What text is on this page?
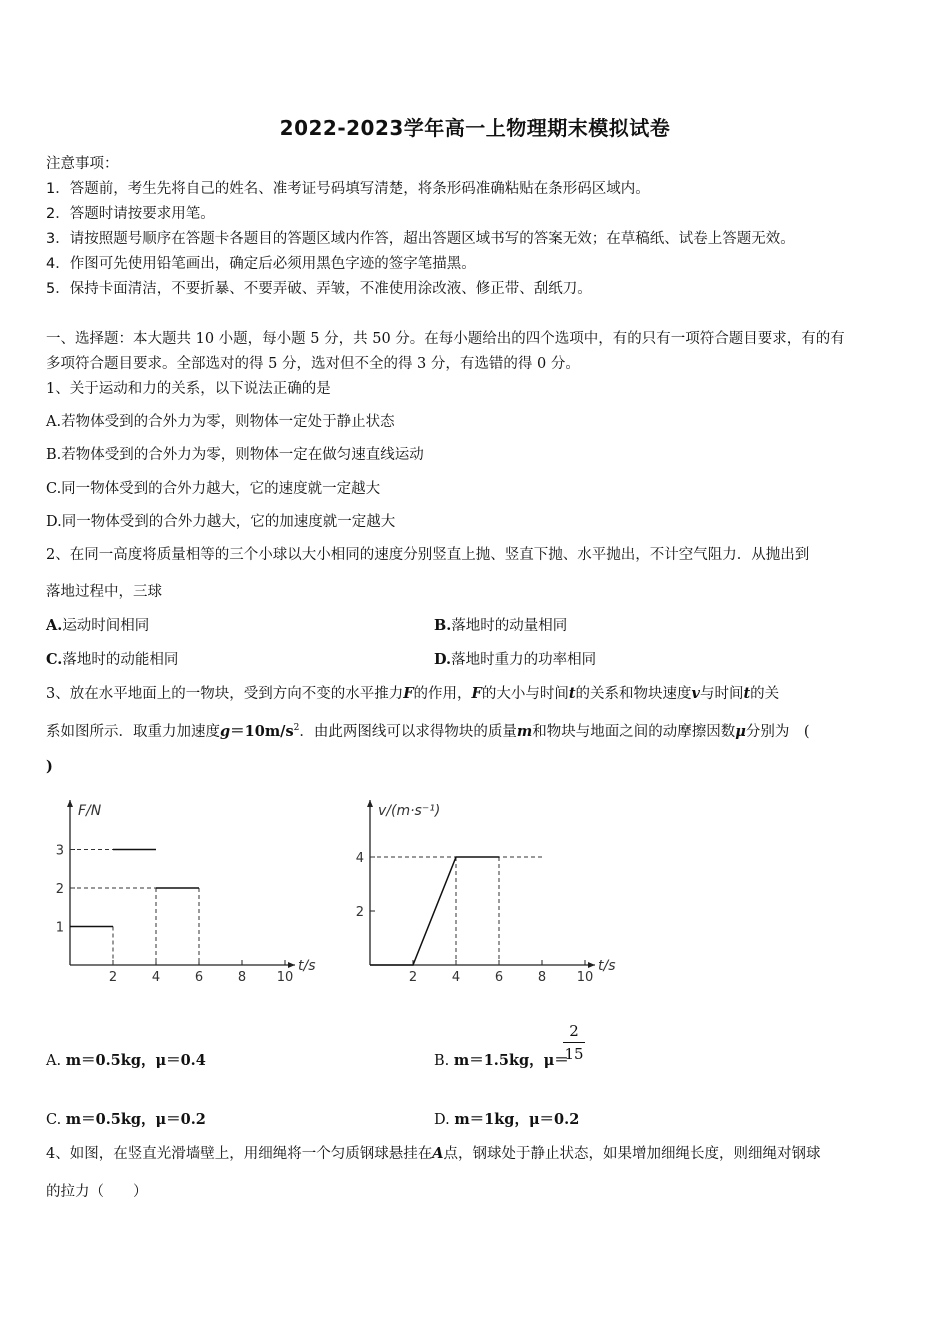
2022-2023学年高一上物理期末模拟试卷
注意事项：
1．答题前，考生先将自己的姓名、准考证号码填写清楚，将条形码准确粘贴在条形码区域内。
2．答题时请按要求用笔。
3．请按照题号顺序在答题卡各题目的答题区域内作答，超出答题区域书写的答案无效；在草稿纸、试卷上答题无效。
4．作图可先使用铅笔画出，确定后必须用黑色字迹的签字笔描黑。
5．保持卡面清洁，不要折暴、不要弄破、弄皱，不准使用涂改液、修正带、刮纸刀。
一、选择题：本大题共 10 小题，每小题 5 分，共 50 分。在每小题给出的四个选项中，有的只有一项符合题目要求，有的有
多项符合题目要求。全部选对的得 5 分，选对但不全的得 3 分，有选错的得 0 分。
1、关于运动和力的关系，以下说法正确的是
A.若物体受到的合外力为零，则物体一定处于静止状态
B.若物体受到的合外力为零，则物体一定在做匀速直线运动
C.同一物体受到的合外力越大，它的速度就一定越大
D.同一物体受到的合外力越大，它的加速度就一定越大
2、在同一高度将质量相等的三个小球以大小相同的速度分别竖直上抛、竖直下抛、水平抛出，不计空气阻力．从抛出到
落地过程中，三球
A.运动时间相同	B.落地时的动量相同
C.落地时的动能相同	D.落地时重力的功率相同
3、放在水平地面上的一物块，受到方向不变的水平推力F的作用，F的大小与时间t的关系和物块速度v与时间t的关
系如图所示．取重力加速度$g=10m/s^2$．由此两图线可以求得物块的质量m和物块与地面之间的动摩擦因数μ分别为　(
)
F/N
t/s
2	4	6	8 10
1
2
3
v/(m·s⁻¹)
t/s
2	4	6	8 10
2
4
A. m＝0.5kg，μ＝0.4	B. m＝1.5kg，μ＝
2
15
C. m＝0.5kg，μ＝0.2	D. m＝1kg，μ＝0.2
4、如图，在竖直光滑墙壁上，用细绳将一个匀质钢球悬挂在A点，钢球处于静止状态，如果增加细绳长度，则细绳对钢球
的拉力（　　）
